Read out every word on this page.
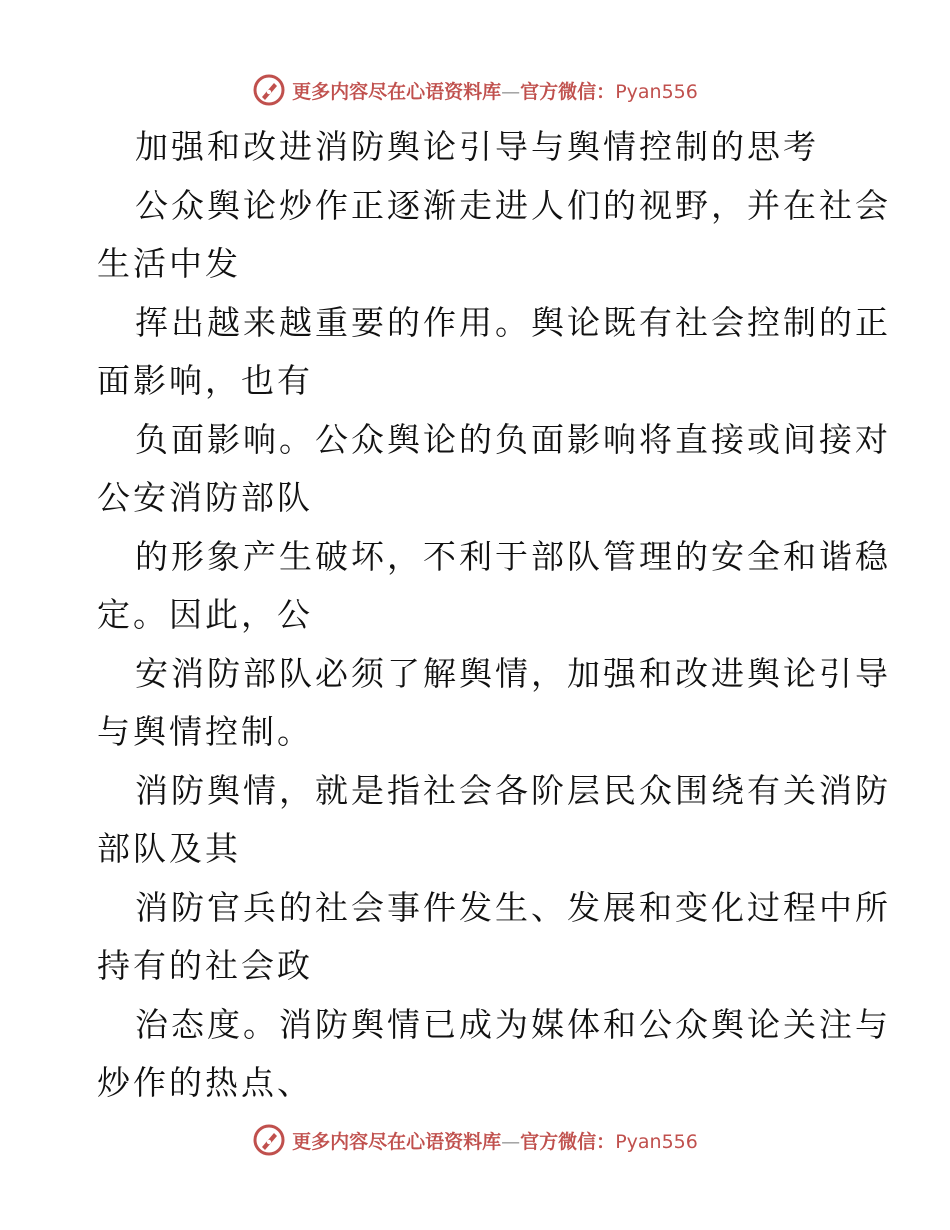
更多内容尽在心语资料库—官方微信：Pyan556
加强和改进消防舆论引导与舆情控制的思考
公众舆论炒作正逐渐走进人们的视野，并在社会
生活中发
挥出越来越重要的作用。舆论既有社会控制的正
面影响，也有
负面影响。公众舆论的负面影响将直接或间接对
公安消防部队
的形象产生破坏，不利于部队管理的安全和谐稳
定。因此，公
安消防部队必须了解舆情，加强和改进舆论引导
与舆情控制。
消防舆情，就是指社会各阶层民众围绕有关消防
部队及其
消防官兵的社会事件发生、发展和变化过程中所
持有的社会政
治态度。消防舆情已成为媒体和公众舆论关注与
炒作的热点、
更多内容尽在心语资料库—官方微信：Pyan556
